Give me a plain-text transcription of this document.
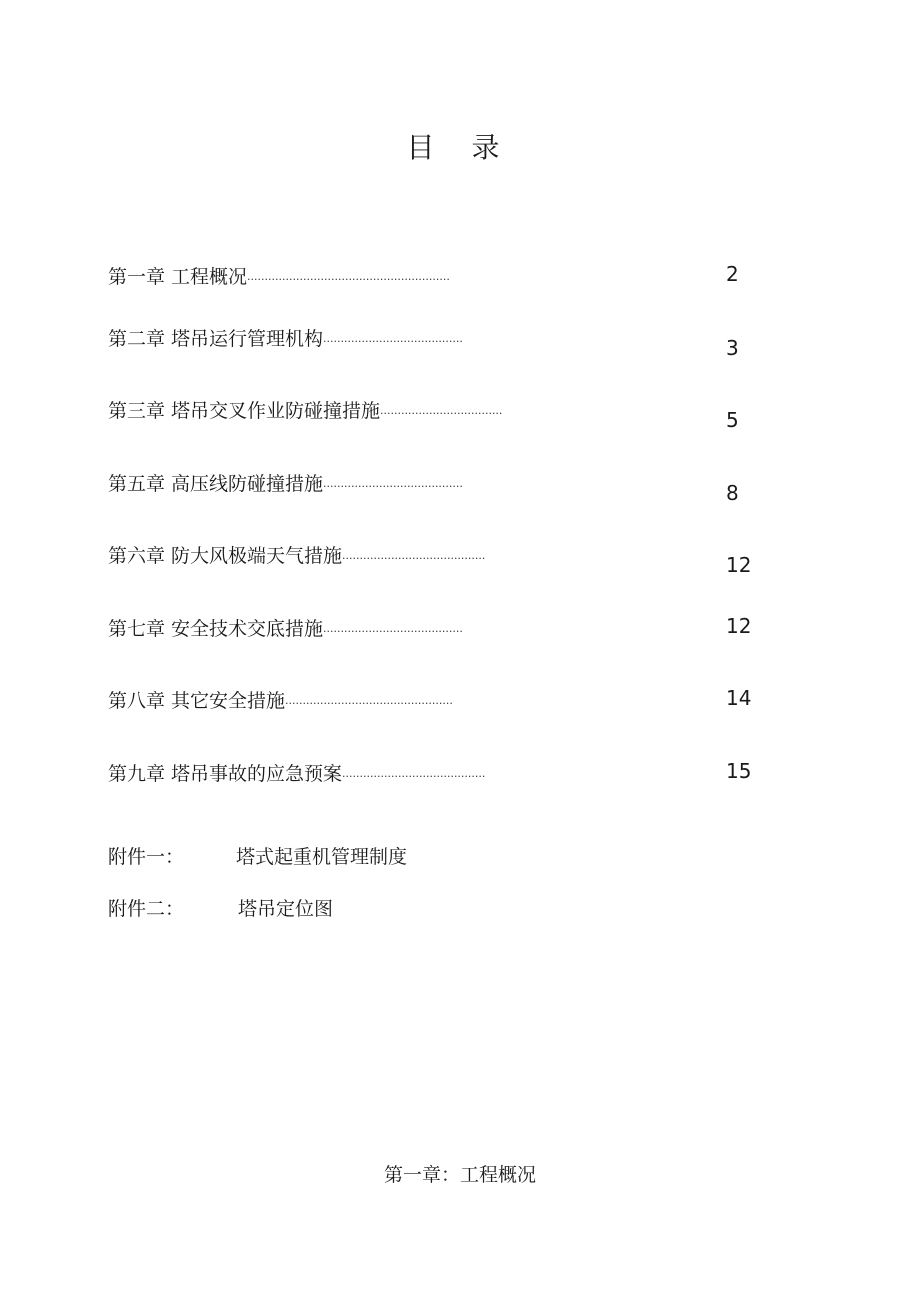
目 录
第一章 工程概况··························································	2
第二章 塔吊运行管理机构········································	3
第三章 塔吊交叉作业防碰撞措施···································	5
第五章 高压线防碰撞措施········································	8
第六章 防大风极端天气措施·········································	12
第七章 安全技术交底措施········································	12
第八章 其它安全措施················································	14
第九章 塔吊事故的应急预案·········································	15
附件一：	塔式起重机管理制度
附件二：	塔吊定位图
第一章：工程概况
